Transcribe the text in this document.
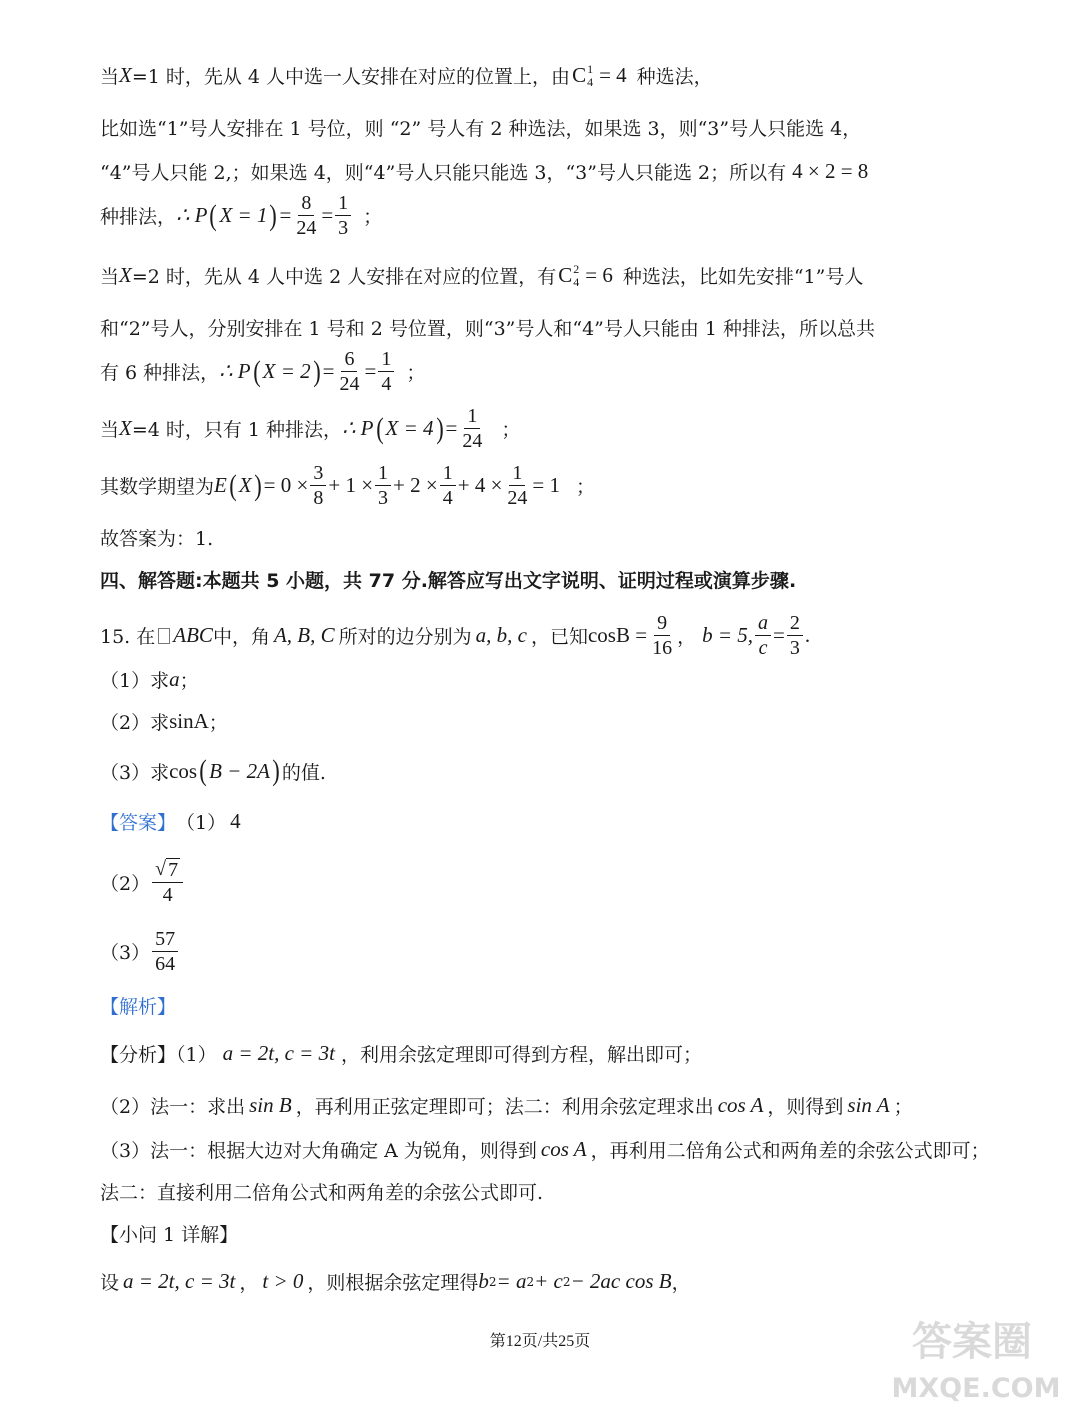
当 X =1 时，先从 4 人中选一人安排在对应的位置上，由 C 1
4 = 4 种选法，
比如选“1”号人安排在 1 号位，则 “2” 号人有 2 种选法，如果选 3，则“3”号人只能选 4，
“4”号人只能 2,；如果选 4，则“4”号人只能只能选 3，“3”号人只能选 2；所以有 4 × 2 = 8
种排法， ∴ P ( X = 1 ) = $\frac{8}{24} = \frac{1}{3}$ ；
当 X =2 时，先从 4 人中选 2 人安排在对应的位置，有 C 2
4 = 6 种选法，比如先安排“1”号人
和“2”号人，分别安排在 1 号和 2 号位置，则“3”号人和“4”号人只能由 1 种排法，所以总共
有 6 种排法， ∴ P ( X = 2 ) = $\frac{6}{24} = \frac{1}{4}$ ；
当 X =4 时，只有 1 种排法， ∴ P ( X = 4 ) = $\frac{1}{24}$ ；
其数学期望为 E ( X ) = $0 \times \frac{3}{8} + 1 \times \frac{1}{3} + 2 \times \frac{1}{4} + 4 \times \frac{1}{24} = 1$ ；
故答案为：1.
四、解答题:本题共 5 小题，共 77 分.解答应写出文字说明、证明过程或演算步骤.
15. 在 ABC 中，角 A, B, C 所对的边分别为 a, b, c ，已知 $\cos B = \frac{9}{16}$ ， b = 5, $\frac{a}{c} = \frac{2}{3}$ .
（1）求 a ；
（2）求 sinA ；
（3）求 cos ( B − 2A ) 的值.
【答案】 （1） 4
$(2) \frac{√ 7}{4}$
$(3) \frac{57}{64}$
【解析】
【分析】（1） a = 2t, c = 3t ，利用余弦定理即可得到方程，解出即可；
（2）法一：求出 sin B ，再利用正弦定理即可；法二：利用余弦定理求出 cos A ，则得到 sin A ；
（3）法一：根据大边对大角确定 A 为锐角，则得到 cos A ，再利用二倍角公式和两角差的余弦公式即可；
法二：直接利用二倍角公式和两角差的余弦公式即可.
【小问 1 详解】
设 a = 2t, c = 3t ， t > 0 ，则根据余弦定理得 b 2 = a 2 + c 2 − 2ac cos B ，
第12页/共25页	答案圈
MXQE.COM
